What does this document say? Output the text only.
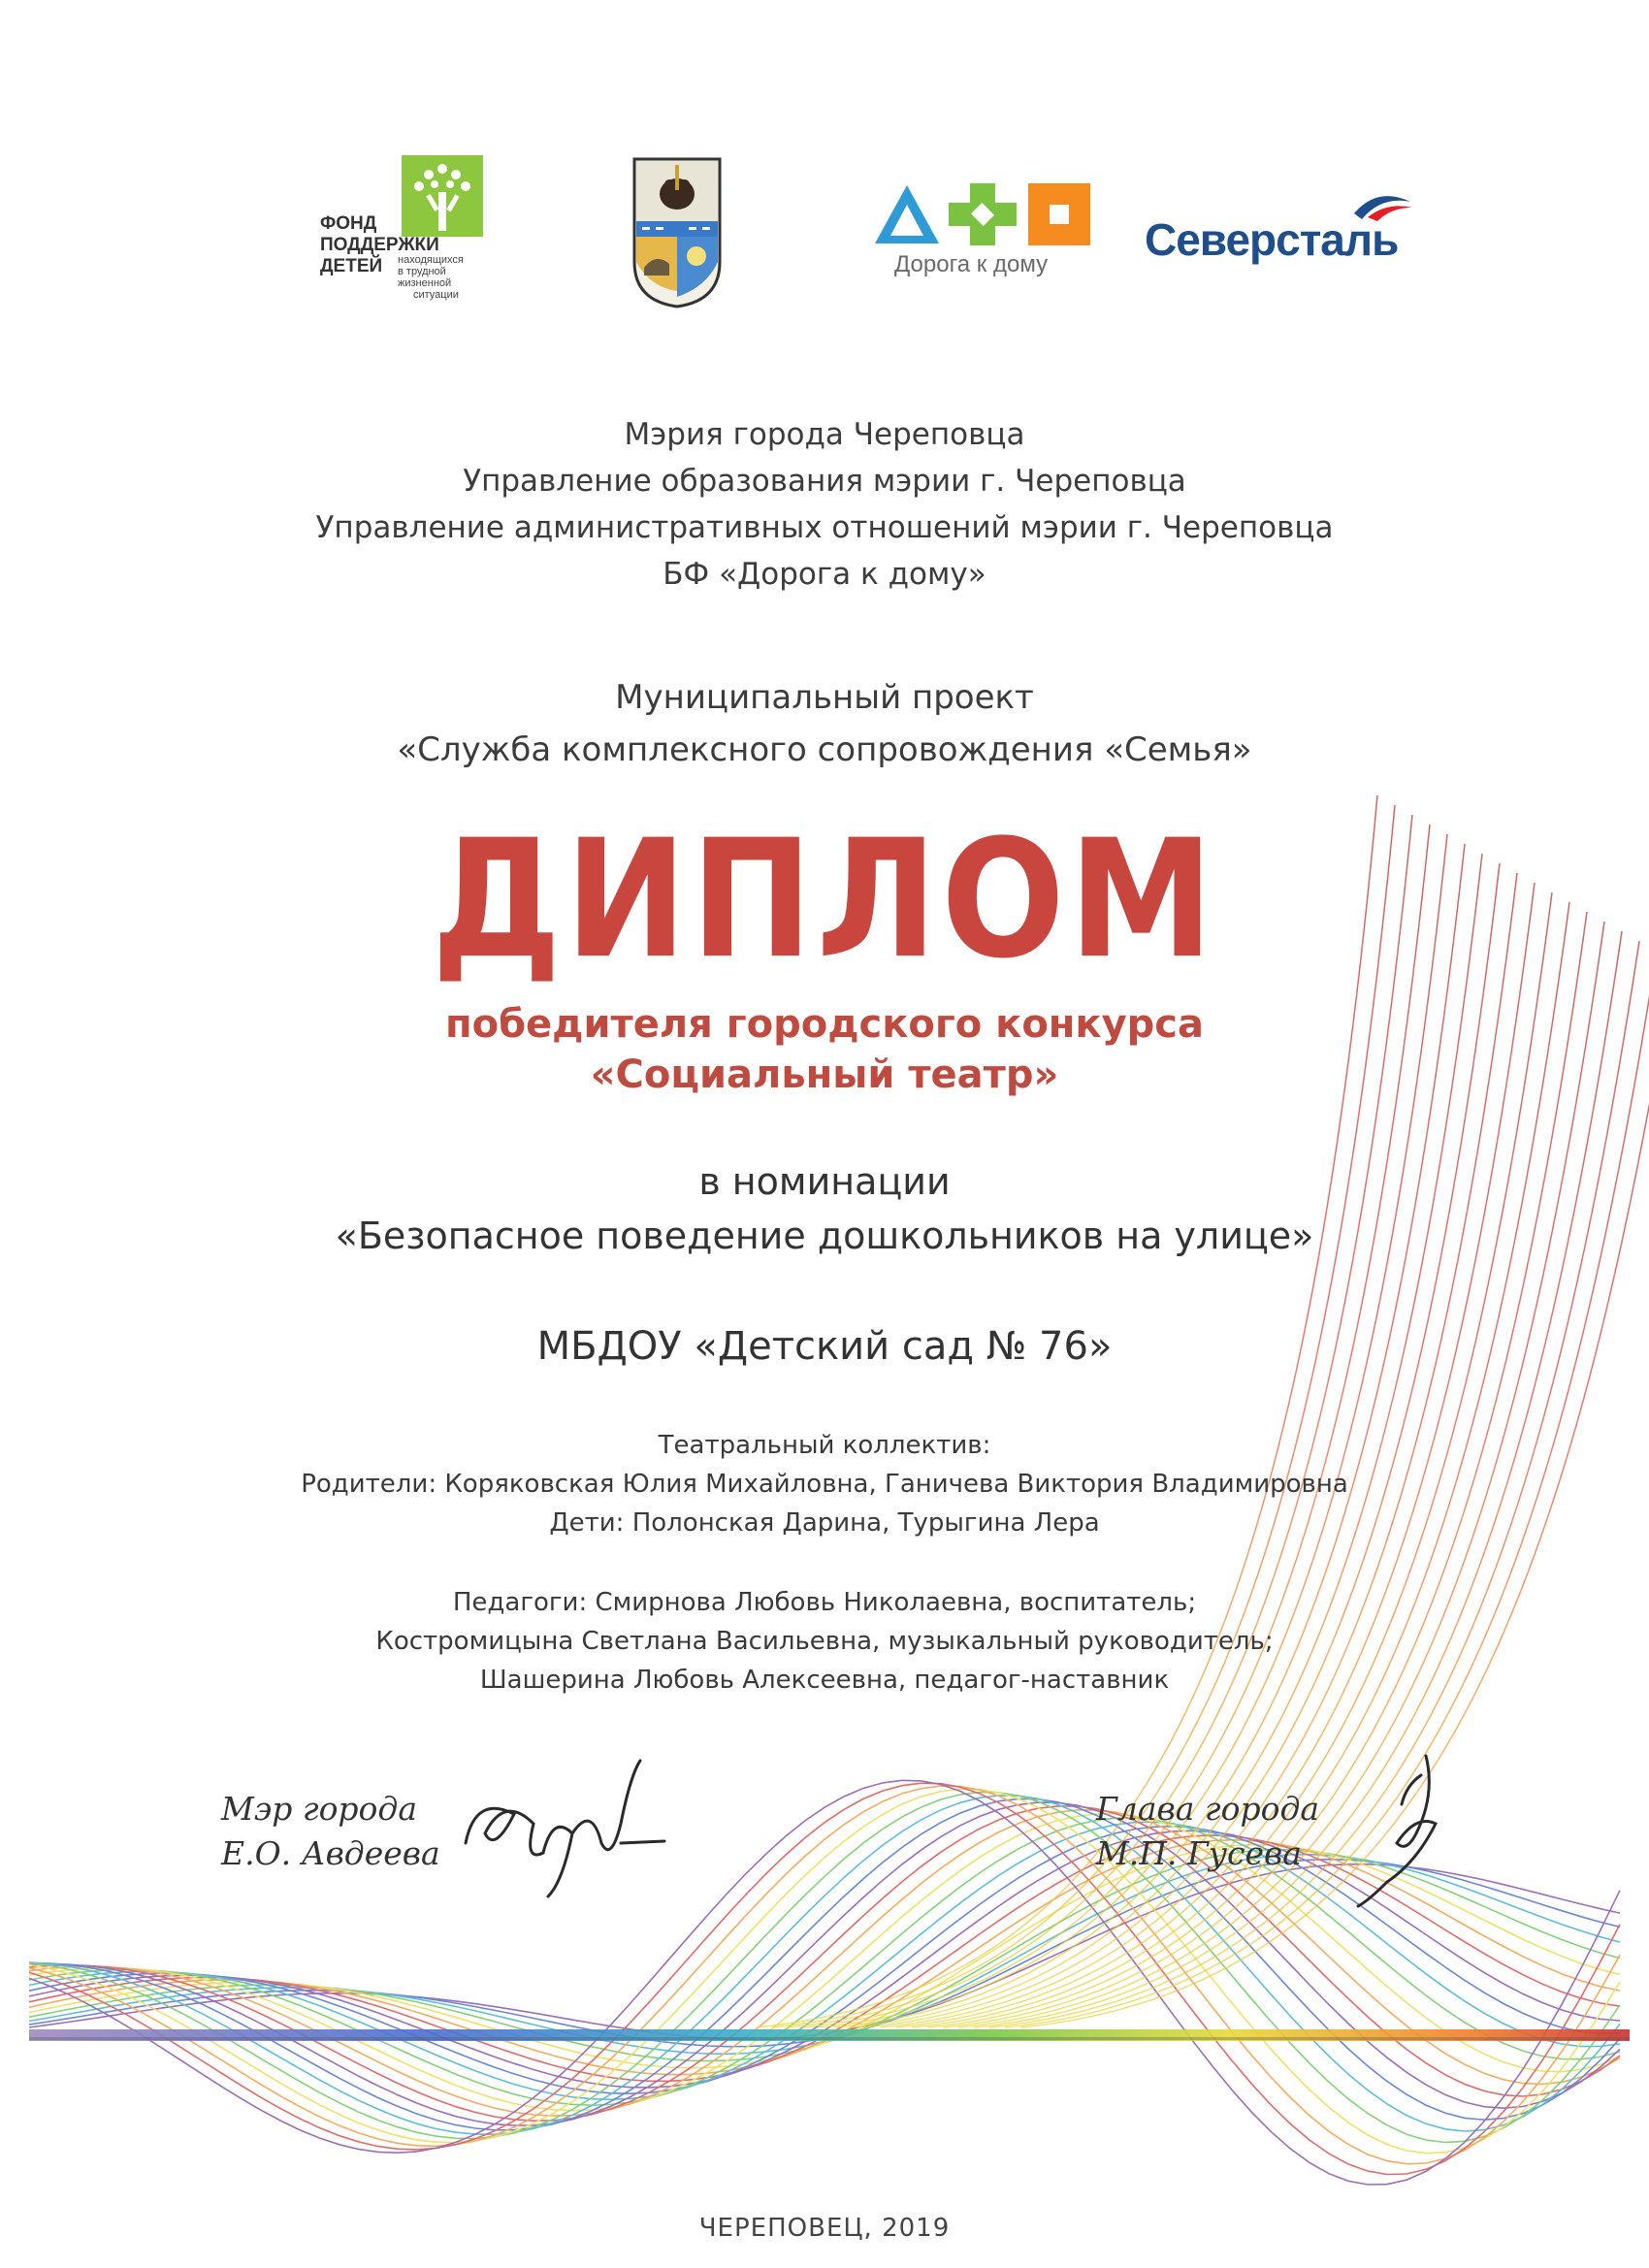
ФОНД
ПОДДЕРЖКИ
ДЕТЕЙ	находящихся
в трудной
жизненной
ситуации
Дорога к дому Северсталь
Мэрия города Череповца
Управление образования мэрии г. Череповца
Управление административных отношений мэрии г. Череповца
БФ «Дорога к дому»
Муниципальный проект
«Служба комплексного сопровождения «Семья»
ДИПЛОМ
победителя городского конкурса
«Социальный театр»
в номинации
«Безопасное поведение дошкольников на улице»
МБДОУ «Детский сад № 76»
Театральный коллектив:
Родители: Коряковская Юлия Михайловна, Ганичева Виктория Владимировна
Дети: Полонская Дарина, Турыгина Лера
Педагоги: Смирнова Любовь Николаевна, воспитатель;
Костромицына Светлана Васильевна, музыкальный руководитель;
Шашерина Любовь Алексеевна, педагог-наставник
Мэр города
Е.О. Авдеева
Глава города
М.П. Гусева
ЧЕРЕПОВЕЦ, 2019
